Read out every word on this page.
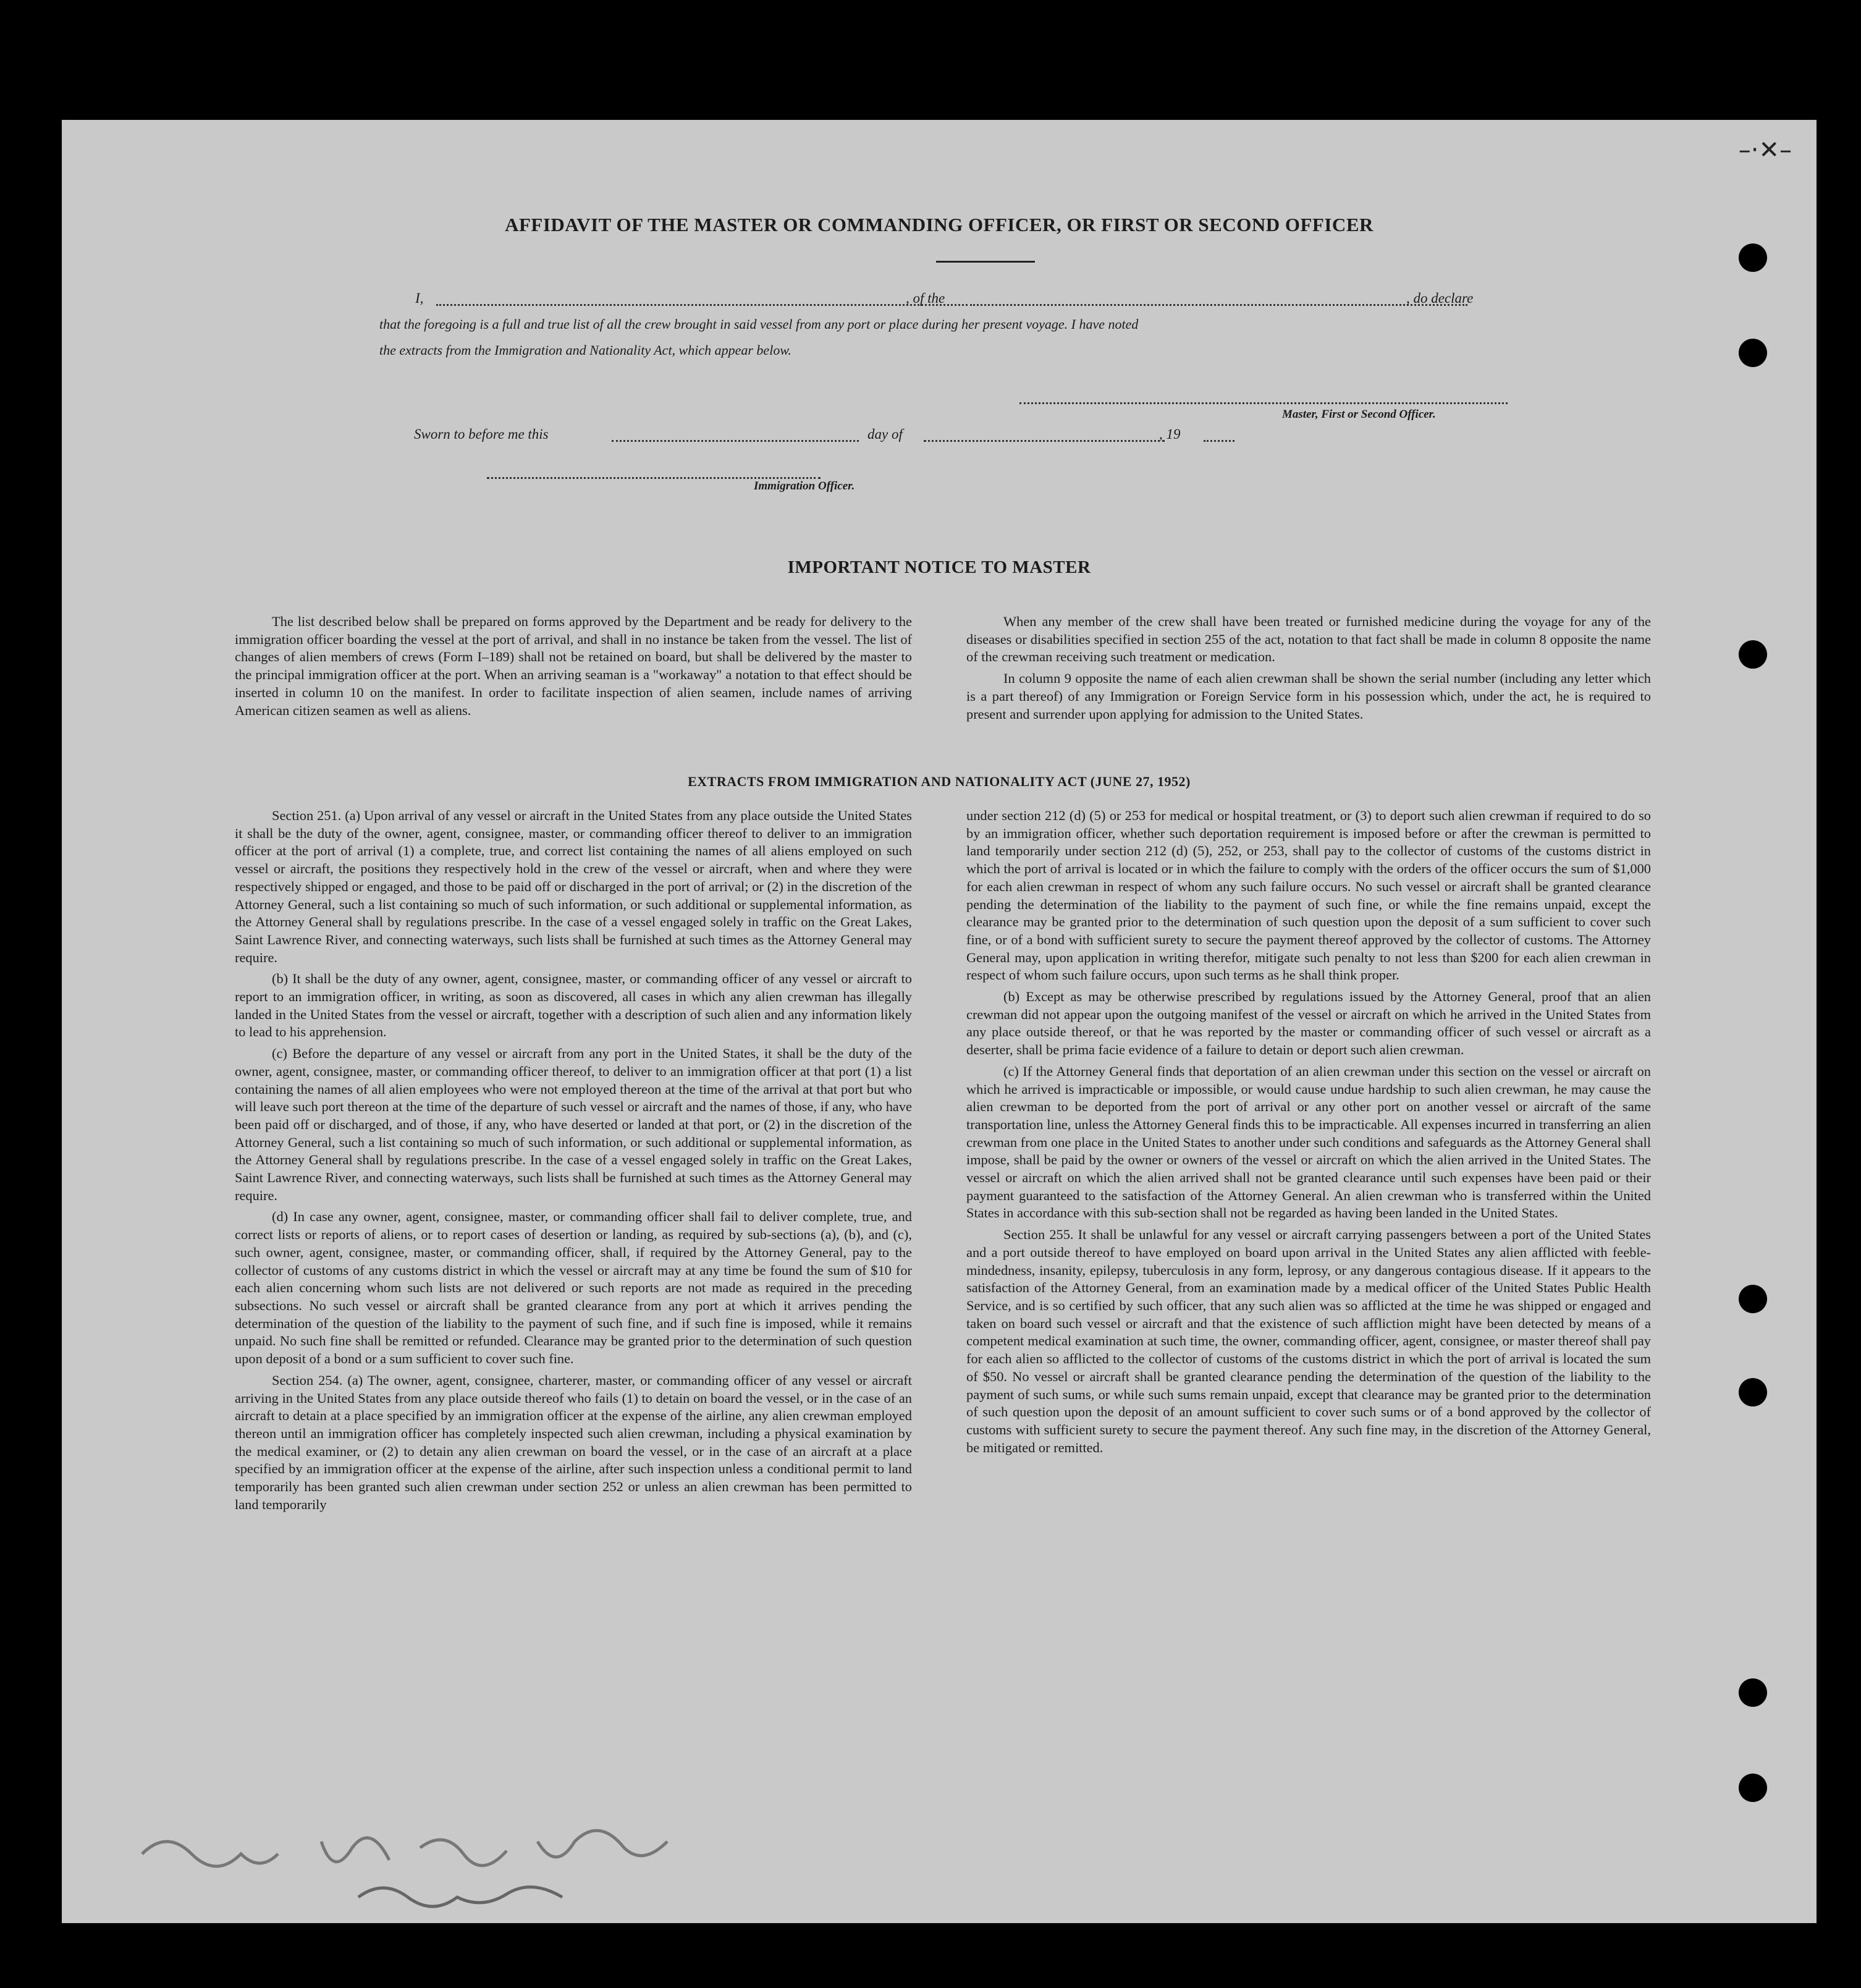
–·✕–
AFFIDAVIT OF THE MASTER OR COMMANDING OFFICER, OR FIRST OR SECOND OFFICER
I,	, of the	, do declare
that the foregoing is a full and true list of all the crew brought in said vessel from any port or place during her present voyage. I have noted
the extracts from the Immigration and Nationality Act, which appear below.
Master, First or Second Officer.
Sworn to before me this	day of	, 19
Immigration Officer.
IMPORTANT NOTICE TO MASTER

The list described below shall be prepared on forms approved by the Department and be ready for delivery to the immigration officer boarding the vessel at the port of arrival, and shall in no instance be taken from the vessel. The list of changes of alien members of crews (Form I–189) shall not be retained on board, but shall be delivered by the master to the principal immigration officer at the port. When an arriving seaman is a "workaway" a notation to that effect should be inserted in column 10 on the manifest. In order to facilitate inspection of alien seamen, include names of arriving American citizen seamen as well as aliens.

When any member of the crew shall have been treated or furnished medicine during the voyage for any of the diseases or disabilities specified in section 255 of the act, notation to that fact shall be made in column 8 opposite the name of the crewman receiving such treatment or medication.

In column 9 opposite the name of each alien crewman shall be shown the serial number (including any letter which is a part thereof) of any Immigration or Foreign Service form in his possession which, under the act, he is required to present and surrender upon applying for admission to the United States.

EXTRACTS FROM IMMIGRATION AND NATIONALITY ACT (JUNE 27, 1952)

Section 251. (a) Upon arrival of any vessel or aircraft in the United States from any place outside the United States it shall be the duty of the owner, agent, consignee, master, or commanding officer thereof to deliver to an immigration officer at the port of arrival (1) a complete, true, and correct list containing the names of all aliens employed on such vessel or aircraft, the positions they respectively hold in the crew of the vessel or aircraft, when and where they were respectively shipped or engaged, and those to be paid off or discharged in the port of arrival; or (2) in the discretion of the Attorney General, such a list containing so much of such information, or such additional or supplemental information, as the Attorney General shall by regulations prescribe. In the case of a vessel engaged solely in traffic on the Great Lakes, Saint Lawrence River, and connecting waterways, such lists shall be furnished at such times as the Attorney General may require.

(b) It shall be the duty of any owner, agent, consignee, master, or commanding officer of any vessel or aircraft to report to an immigration officer, in writing, as soon as discovered, all cases in which any alien crewman has illegally landed in the United States from the vessel or aircraft, together with a description of such alien and any information likely to lead to his apprehension.

(c) Before the departure of any vessel or aircraft from any port in the United States, it shall be the duty of the owner, agent, consignee, master, or commanding officer thereof, to deliver to an immigration officer at that port (1) a list containing the names of all alien employees who were not employed thereon at the time of the arrival at that port but who will leave such port thereon at the time of the departure of such vessel or aircraft and the names of those, if any, who have been paid off or discharged, and of those, if any, who have deserted or landed at that port, or (2) in the discretion of the Attorney General, such a list containing so much of such information, or such additional or supplemental information, as the Attorney General shall by regulations prescribe. In the case of a vessel engaged solely in traffic on the Great Lakes, Saint Lawrence River, and connecting waterways, such lists shall be furnished at such times as the Attorney General may require.

(d) In case any owner, agent, consignee, master, or commanding officer shall fail to deliver complete, true, and correct lists or reports of aliens, or to report cases of desertion or landing, as required by sub-sections (a), (b), and (c), such owner, agent, consignee, master, or commanding officer, shall, if required by the Attorney General, pay to the collector of customs of any customs district in which the vessel or aircraft may at any time be found the sum of $10 for each alien concerning whom such lists are not delivered or such reports are not made as required in the preceding subsections. No such vessel or aircraft shall be granted clearance from any port at which it arrives pending the determination of the question of the liability to the payment of such fine, and if such fine is imposed, while it remains unpaid. No such fine shall be remitted or refunded. Clearance may be granted prior to the determination of such question upon deposit of a bond or a sum sufficient to cover such fine.

Section 254. (a) The owner, agent, consignee, charterer, master, or commanding officer of any vessel or aircraft arriving in the United States from any place outside thereof who fails (1) to detain on board the vessel, or in the case of an aircraft to detain at a place specified by an immigration officer at the expense of the airline, any alien crewman employed thereon until an immigration officer has completely inspected such alien crewman, including a physical examination by the medical examiner, or (2) to detain any alien crewman on board the vessel, or in the case of an aircraft at a place specified by an immigration officer at the expense of the airline, after such inspection unless a conditional permit to land temporarily has been granted such alien crewman under section 252 or unless an alien crewman has been permitted to land temporarily

under section 212 (d) (5) or 253 for medical or hospital treatment, or (3) to deport such alien crewman if required to do so by an immigration officer, whether such deportation requirement is imposed before or after the crewman is permitted to land temporarily under section 212 (d) (5), 252, or 253, shall pay to the collector of customs of the customs district in which the port of arrival is located or in which the failure to comply with the orders of the officer occurs the sum of $1,000 for each alien crewman in respect of whom any such failure occurs. No such vessel or aircraft shall be granted clearance pending the determination of the liability to the payment of such fine, or while the fine remains unpaid, except the clearance may be granted prior to the determination of such question upon the deposit of a sum sufficient to cover such fine, or of a bond with sufficient surety to secure the payment thereof approved by the collector of customs. The Attorney General may, upon application in writing therefor, mitigate such penalty to not less than $200 for each alien crewman in respect of whom such failure occurs, upon such terms as he shall think proper.

(b) Except as may be otherwise prescribed by regulations issued by the Attorney General, proof that an alien crewman did not appear upon the outgoing manifest of the vessel or aircraft on which he arrived in the United States from any place outside thereof, or that he was reported by the master or commanding officer of such vessel or aircraft as a deserter, shall be prima facie evidence of a failure to detain or deport such alien crewman.

(c) If the Attorney General finds that deportation of an alien crewman under this section on the vessel or aircraft on which he arrived is impracticable or impossible, or would cause undue hardship to such alien crewman, he may cause the alien crewman to be deported from the port of arrival or any other port on another vessel or aircraft of the same transportation line, unless the Attorney General finds this to be impracticable. All expenses incurred in transferring an alien crewman from one place in the United States to another under such conditions and safeguards as the Attorney General shall impose, shall be paid by the owner or owners of the vessel or aircraft on which the alien arrived in the United States. The vessel or aircraft on which the alien arrived shall not be granted clearance until such expenses have been paid or their payment guaranteed to the satisfaction of the Attorney General. An alien crewman who is transferred within the United States in accordance with this sub-section shall not be regarded as having been landed in the United States.

Section 255. It shall be unlawful for any vessel or aircraft carrying passengers between a port of the United States and a port outside thereof to have employed on board upon arrival in the United States any alien afflicted with feeble-mindedness, insanity, epilepsy, tuberculosis in any form, leprosy, or any dangerous contagious disease. If it appears to the satisfaction of the Attorney General, from an examination made by a medical officer of the United States Public Health Service, and is so certified by such officer, that any such alien was so afflicted at the time he was shipped or engaged and taken on board such vessel or aircraft and that the existence of such affliction might have been detected by means of a competent medical examination at such time, the owner, commanding officer, agent, consignee, or master thereof shall pay for each alien so afflicted to the collector of customs of the customs district in which the port of arrival is located the sum of $50. No vessel or aircraft shall be granted clearance pending the determination of the question of the liability to the payment of such sums, or while such sums remain unpaid, except that clearance may be granted prior to the determination of such question upon the deposit of an amount sufficient to cover such sums or of a bond approved by the collector of customs with sufficient surety to secure the payment thereof. Any such fine may, in the discretion of the Attorney General, be mitigated or remitted.
